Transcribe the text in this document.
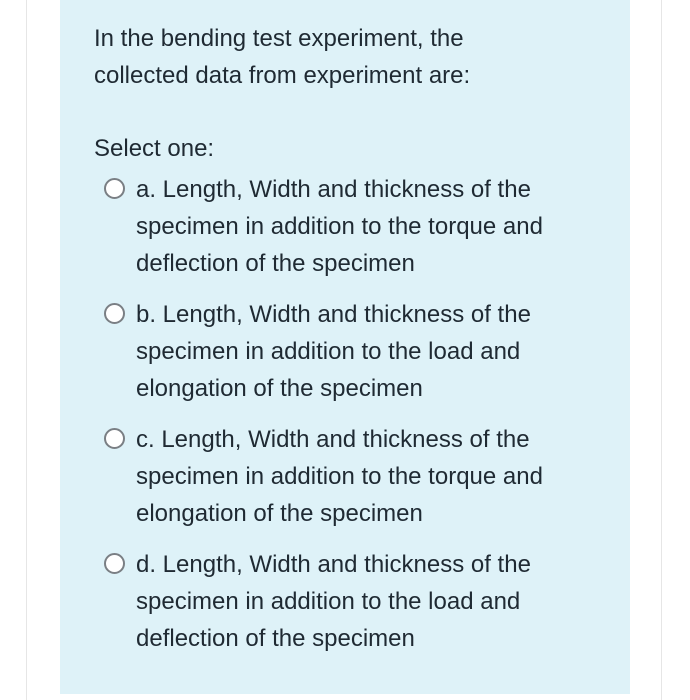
In the bending test experiment, the collected data from experiment are:

Select one:

a. Length, Width and thickness of the specimen in addition to the torque and deflection of the specimen
b. Length, Width and thickness of the specimen in addition to the load and elongation of the specimen
c. Length, Width and thickness of the specimen in addition to the torque and elongation of the specimen
d. Length, Width and thickness of the specimen in addition to the load and deflection of the specimen
